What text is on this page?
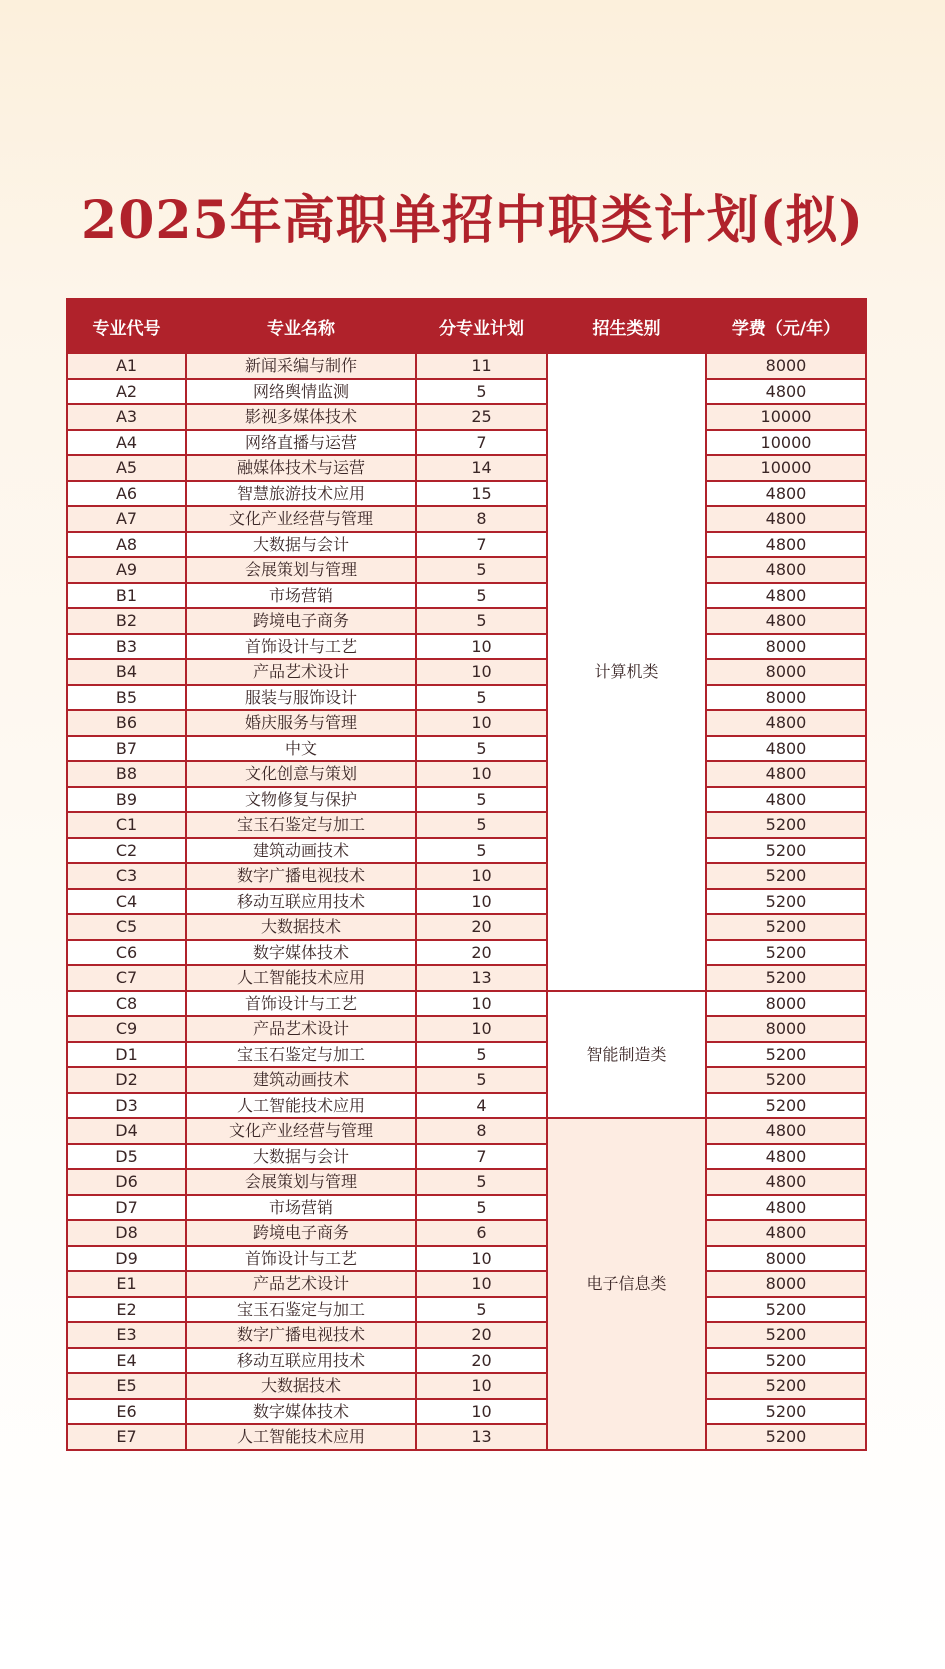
2025年高职单招中职类计划(拟)
专业代号	专业名称	分专业计划	招生类别	学费（元/年）
A1	新闻采编与制作	11	计算机类	8000
A2	网络舆情监测	5		4800
A3	影视多媒体技术	25		10000
A4	网络直播与运营	7		10000
A5	融媒体技术与运营	14		10000
A6	智慧旅游技术应用	15		4800
A7	文化产业经营与管理	8		4800
A8	大数据与会计	7		4800
A9	会展策划与管理	5		4800
B1	市场营销	5		4800
B2	跨境电子商务	5		4800
B3	首饰设计与工艺	10		8000
B4	产品艺术设计	10		8000
B5	服装与服饰设计	5		8000
B6	婚庆服务与管理	10		4800
B7	中文	5		4800
B8	文化创意与策划	10		4800
B9	文物修复与保护	5		4800
C1	宝玉石鉴定与加工	5		5200
C2	建筑动画技术	5		5200
C3	数字广播电视技术	10		5200
C4	移动互联应用技术	10		5200
C5	大数据技术	20		5200
C6	数字媒体技术	20		5200
C7	人工智能技术应用	13		5200
C8	首饰设计与工艺	10	智能制造类	8000
C9	产品艺术设计	10		8000
D1	宝玉石鉴定与加工	5		5200
D2	建筑动画技术	5		5200
D3	人工智能技术应用	4		5200
D4	文化产业经营与管理	8	电子信息类	4800
D5	大数据与会计	7		4800
D6	会展策划与管理	5		4800
D7	市场营销	5		4800
D8	跨境电子商务	6		4800
D9	首饰设计与工艺	10		8000
E1	产品艺术设计	10		8000
E2	宝玉石鉴定与加工	5		5200
E3	数字广播电视技术	20		5200
E4	移动互联应用技术	20		5200
E5	大数据技术	10		5200
E6	数字媒体技术	10		5200
E7	人工智能技术应用	13		5200
